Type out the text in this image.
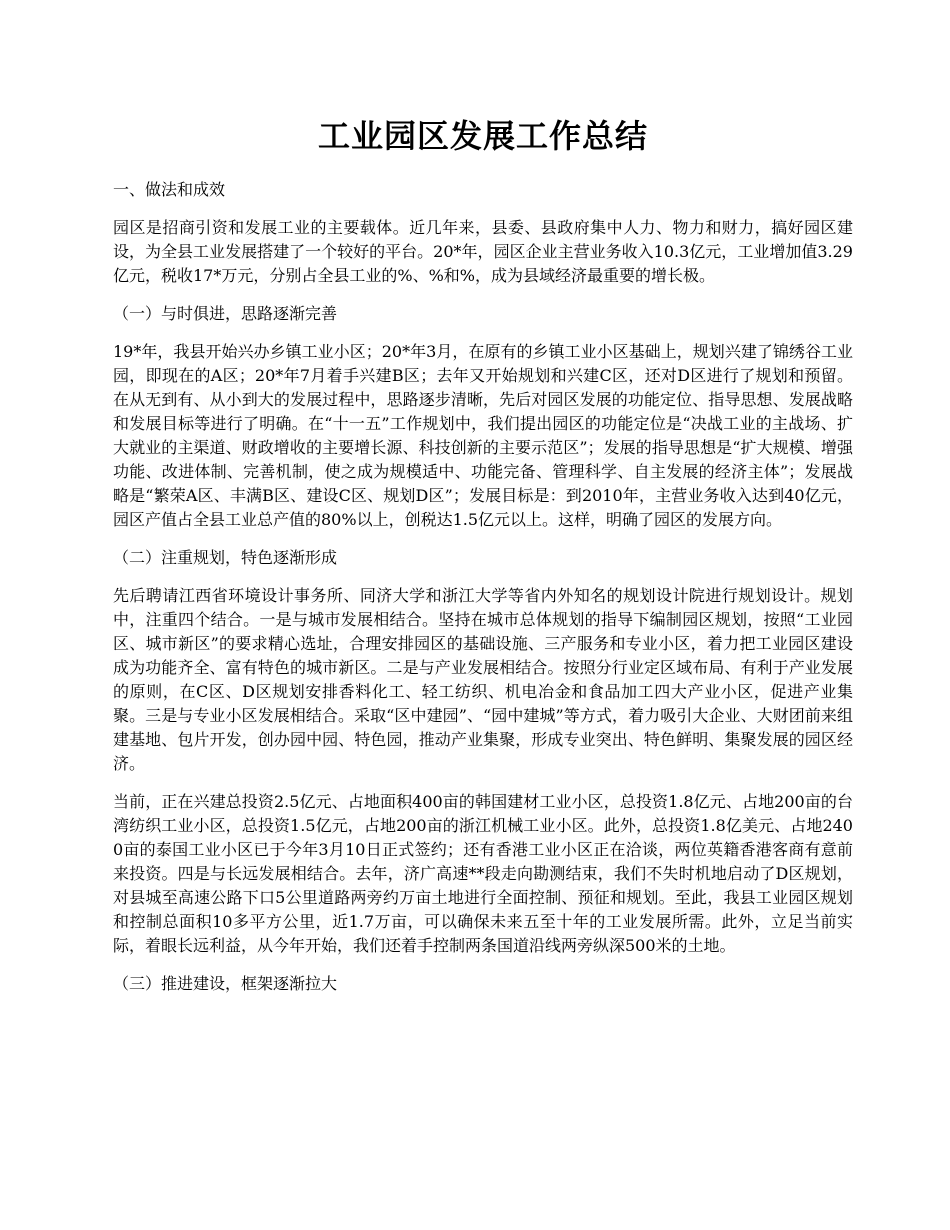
工业园区发展工作总结
一、做法和成效
园区是招商引资和发展工业的主要载体。近几年来，县委、县政府集中人力、物力和财力，搞好园区建设，为全县工业发展搭建了一个较好的平台。20*年，园区企业主营业务收入10.3亿元，工业增加值3.29亿元，税收17*万元，分别占全县工业的%、%和%，成为县域经济最重要的增长极。
（一）与时俱进，思路逐渐完善
19*年，我县开始兴办乡镇工业小区；20*年3月，在原有的乡镇工业小区基础上，规划兴建了锦绣谷工业园，即现在的A区；20*年7月着手兴建B区；去年又开始规划和兴建C区，还对D区进行了规划和预留。在从无到有、从小到大的发展过程中，思路逐步清晰，先后对园区发展的功能定位、指导思想、发展战略和发展目标等进行了明确。在“十一五”工作规划中，我们提出园区的功能定位是“决战工业的主战场、扩大就业的主渠道、财政增收的主要增长源、科技创新的主要示范区”；发展的指导思想是“扩大规模、增强功能、改进体制、完善机制，使之成为规模适中、功能完备、管理科学、自主发展的经济主体”；发展战略是“繁荣A区、丰满B区、建设C区、规划D区”；发展目标是：到2010年，主营业务收入达到40亿元，园区产值占全县工业总产值的80%以上，创税达1.5亿元以上。这样，明确了园区的发展方向。
（二）注重规划，特色逐渐形成
先后聘请江西省环境设计事务所、同济大学和浙江大学等省内外知名的规划设计院进行规划设计。规划中，注重四个结合。一是与城市发展相结合。坚持在城市总体规划的指导下编制园区规划，按照“工业园区、城市新区”的要求精心选址，合理安排园区的基础设施、三产服务和专业小区，着力把工业园区建设成为功能齐全、富有特色的城市新区。二是与产业发展相结合。按照分行业定区域布局、有利于产业发展的原则，在C区、D区规划安排香料化工、轻工纺织、机电冶金和食品加工四大产业小区，促进产业集聚。三是与专业小区发展相结合。采取“区中建园”、“园中建城”等方式，着力吸引大企业、大财团前来组建基地、包片开发，创办园中园、特色园，推动产业集聚，形成专业突出、特色鲜明、集聚发展的园区经济。
当前，正在兴建总投资2.5亿元、占地面积400亩的韩国建材工业小区，总投资1.8亿元、占地200亩的台湾纺织工业小区，总投资1.5亿元，占地200亩的浙江机械工业小区。此外，总投资1.8亿美元、占地2400亩的泰国工业小区已于今年3月10日正式签约；还有香港工业小区正在洽谈，两位英籍香港客商有意前来投资。四是与长远发展相结合。去年，济广高速**段走向勘测结束，我们不失时机地启动了D区规划，对县城至高速公路下口5公里道路两旁约万亩土地进行全面控制、预征和规划。至此，我县工业园区规划和控制总面积10多平方公里，近1.7万亩，可以确保未来五至十年的工业发展所需。此外，立足当前实际，着眼长远利益，从今年开始，我们还着手控制两条国道沿线两旁纵深500米的土地。
（三）推进建设，框架逐渐拉大
